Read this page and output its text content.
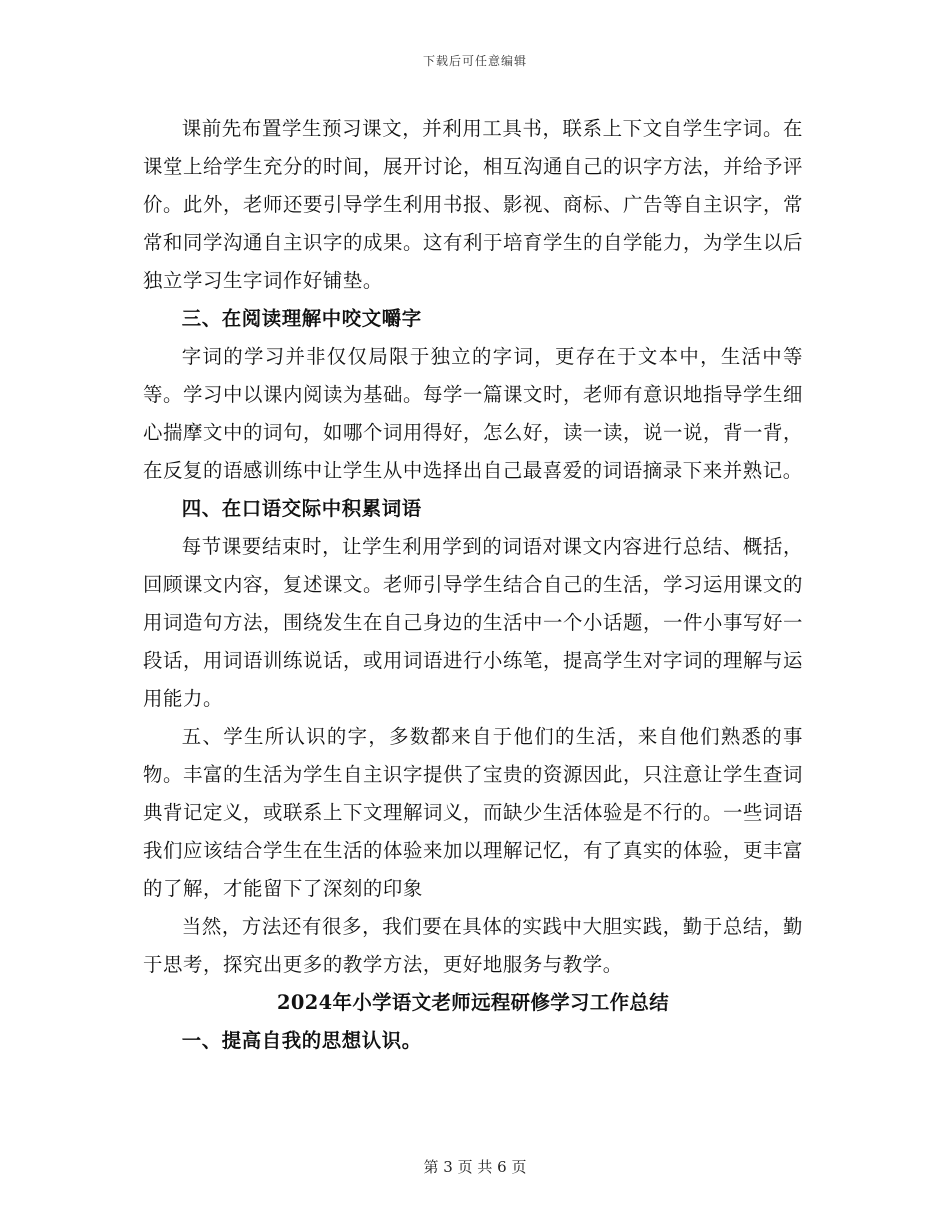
下载后可任意编辑

课前先布置学生预习课文，并利用工具书，联系上下文自学生字词。在课堂上给学生充分的时间，展开讨论，相互沟通自己的识字方法，并给予评价。此外，老师还要引导学生利用书报、影视、商标、广告等自主识字，常常和同学沟通自主识字的成果。这有利于培育学生的自学能力，为学生以后独立学习生字词作好铺垫。

三、在阅读理解中咬文嚼字

字词的学习并非仅仅局限于独立的字词，更存在于文本中，生活中等等。学习中以课内阅读为基础。每学一篇课文时，老师有意识地指导学生细心揣摩文中的词句，如哪个词用得好，怎么好，读一读，说一说，背一背，在反复的语感训练中让学生从中选择出自己最喜爱的词语摘录下来并熟记。

四、在口语交际中积累词语

每节课要结束时，让学生利用学到的词语对课文内容进行总结、概括，回顾课文内容，复述课文。老师引导学生结合自己的生活，学习运用课文的用词造句方法，围绕发生在自己身边的生活中一个小话题，一件小事写好一段话，用词语训练说话，或用词语进行小练笔，提高学生对字词的理解与运用能力。

五、学生所认识的字，多数都来自于他们的生活，来自他们熟悉的事物。丰富的生活为学生自主识字提供了宝贵的资源因此，只注意让学生查词典背记定义，或联系上下文理解词义，而缺少生活体验是不行的。一些词语我们应该结合学生在生活的体验来加以理解记忆，有了真实的体验，更丰富的了解，才能留下了深刻的印象

当然，方法还有很多，我们要在具体的实践中大胆实践，勤于总结，勤于思考，探究出更多的教学方法，更好地服务与教学。

2024年小学语文老师远程研修学习工作总结

一、提高自我的思想认识。

第 3 页 共 6 页
